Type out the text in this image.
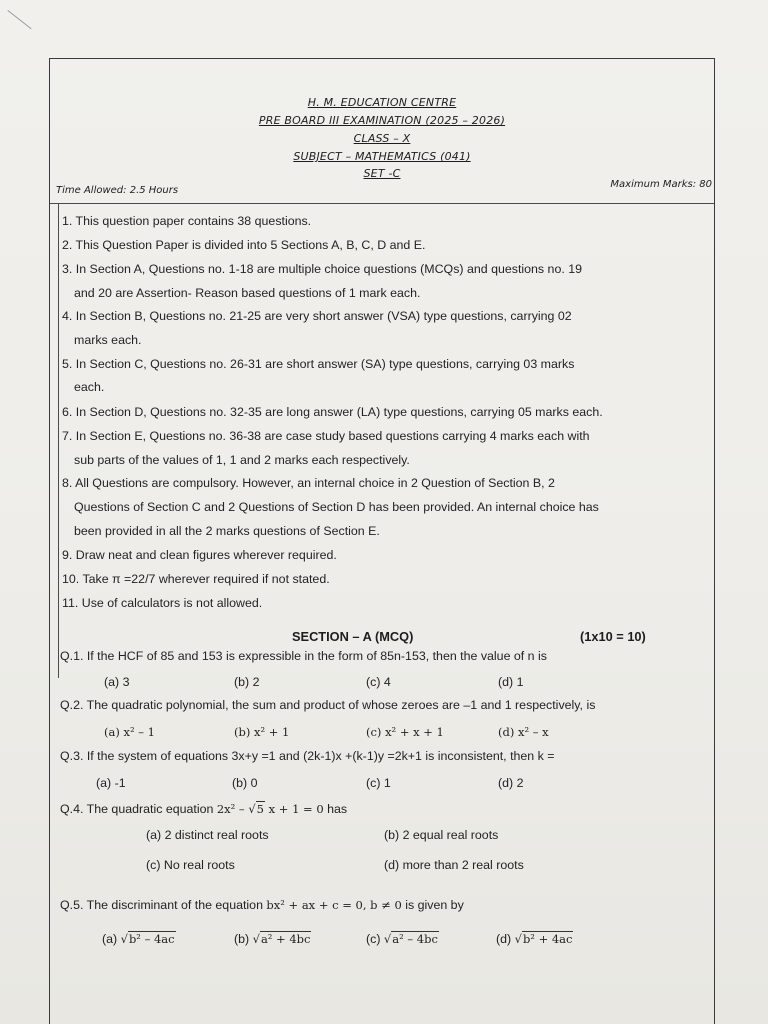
H. M. EDUCATION CENTRE
PRE BOARD III EXAMINATION (2025 – 2026)
CLASS – X
SUBJECT – MATHEMATICS (041)
SET -C
Time Allowed: 2.5 Hours
Maximum Marks: 80
1. This question paper contains 38 questions.
2. This Question Paper is divided into 5 Sections A, B, C, D and E.
3. In Section A, Questions no. 1-18 are multiple choice questions (MCQs) and questions no. 19
and 20 are Assertion- Reason based questions of 1 mark each.
4. In Section B, Questions no. 21-25 are very short answer (VSA) type questions, carrying 02
marks each.
5. In Section C, Questions no. 26-31 are short answer (SA) type questions, carrying 03 marks
each.
6. In Section D, Questions no. 32-35 are long answer (LA) type questions, carrying 05 marks each.
7. In Section E, Questions no. 36-38 are case study based questions carrying 4 marks each with
sub parts of the values of 1, 1 and 2 marks each respectively.
8. All Questions are compulsory. However, an internal choice in 2 Question of Section B, 2
Questions of Section C and 2 Questions of Section D has been provided. An internal choice has
been provided in all the 2 marks questions of Section E.
9. Draw neat and clean figures wherever required.
10. Take π =22/7 wherever required if not stated.
11. Use of calculators is not allowed.
SECTION – A (MCQ)	(1x10 = 10)
Q.1. If the HCF of 85 and 153 is expressible in the form of 85n-153, then the value of n is
(a) 3	(b) 2	(c) 4	(d) 1
Q.2. The quadratic polynomial, the sum and product of whose zeroes are –1 and 1 respectively, is
(a) x² – 1	(b) x² + 1	(c) x² + x + 1	(d) x² – x
Q.3. If the system of equations 3x+y =1 and (2k-1)x +(k-1)y =2k+1 is inconsistent, then k =
(a) -1	(b) 0	(c) 1	(d) 2
Q.4. The quadratic equation 2x² – √5 x + 1 = 0 has
(a) 2 distinct real roots	(b) 2 equal real roots
(c) No real roots	(d) more than 2 real roots
Q.5. The discriminant of the equation bx² + ax + c = 0, b ≠ 0 is given by
(a) √b² – 4ac	(b) √a² + 4bc	(c) √a² – 4bc	(d) √b² + 4ac
